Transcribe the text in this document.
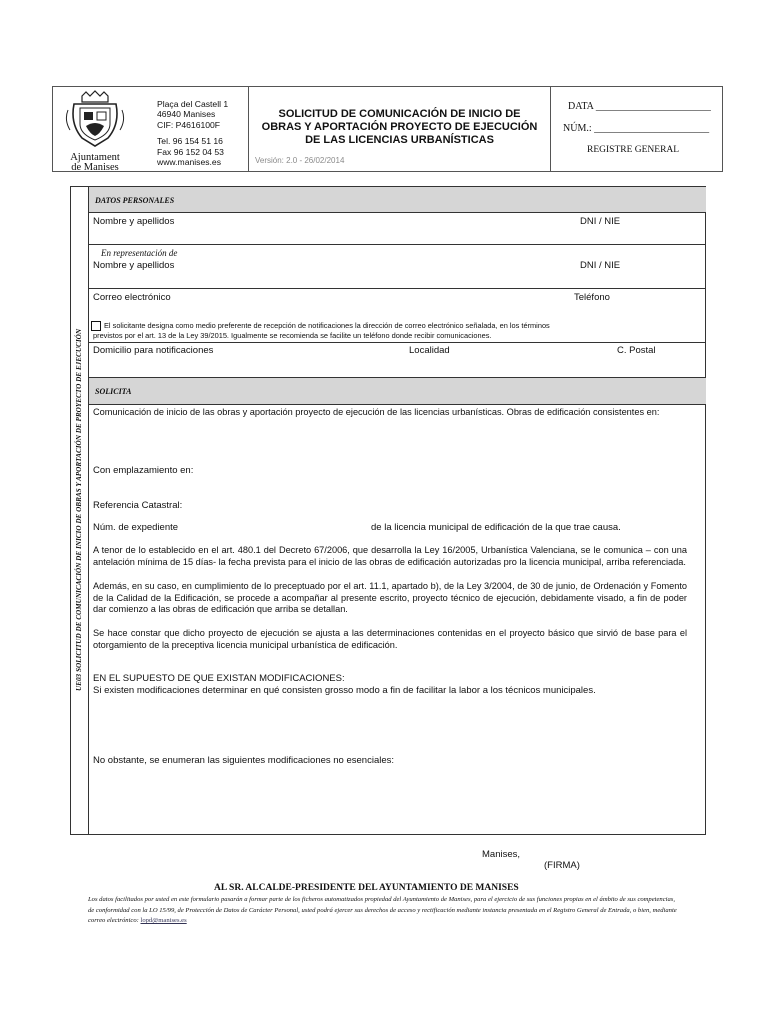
Ajuntament
de Manises
Plaça del Castell 1
46940 Manises
CIF: P4616100F
Tel. 96 154 51 16
Fax 96 152 04 53
www.manises.es
SOLICITUD DE COMUNICACIÓN DE INICIO DE
OBRAS Y APORTACIÓN PROYECTO DE EJECUCIÓN
DE LAS LICENCIAS URBANÍSTICAS
Versión: 2.0 - 26/02/2014
DATA _______________________
NÚM.: _______________________
REGISTRE GENERAL
UE03 SOLICITUD DE COMUNICACIÓN DE INICIO DE OBRAS Y APORTACIÓN DE PROYECTO DE EJECUCIÓN
DATOS PERSONALES
Nombre y apellidos	DNI / NIE
En representación de
Nombre y apellidos	DNI / NIE
Correo electrónico	Teléfono
El solicitante designa como medio preferente de recepción de notificaciones la dirección de correo electrónico señalada, en los términos
previstos por el art. 13 de la Ley 39/2015. Igualmente se recomienda se facilite un teléfono donde recibir comunicaciones.
Domicilio para notificaciones	Localidad	C. Postal
SOLICITA
Comunicación de inicio de las obras y aportación proyecto de ejecución de las licencias urbanísticas. Obras de edificación consistentes en:
Con emplazamiento en:
Referencia Catastral:
Núm. de expediente	de la licencia municipal de edificación de la que trae causa.
A tenor de lo establecido en el art. 480.1 del Decreto 67/2006, que desarrolla la Ley 16/2005, Urbanística Valenciana, se le comunica – con una antelación mínima de 15 días- la fecha prevista para el inicio de las obras de edificación autorizadas pro la licencia municipal, arriba referenciada.
Además, en su caso, en cumplimiento de lo preceptuado por el art. 11.1, apartado b), de la Ley 3/2004, de 30 de junio, de Ordenación y Fomento de la Calidad de la Edificación, se procede a acompañar al presente escrito, proyecto técnico de ejecución, debidamente visado, a fin de poder dar comienzo a las obras de edificación que arriba se detallan.
Se hace constar que dicho proyecto de ejecución se ajusta a las determinaciones contenidas en el proyecto básico que sirvió de base para el otorgamiento de la preceptiva licencia municipal urbanística de edificación.
EN EL SUPUESTO DE QUE EXISTAN MODIFICACIONES:
Si existen modificaciones determinar en qué consisten grosso modo a fin de facilitar la labor a los técnicos municipales.
No obstante, se enumeran las siguientes modificaciones no esenciales:
Manises,
(FIRMA)
AL SR. ALCALDE-PRESIDENTE DEL AYUNTAMIENTO DE MANISES
Los datos facilitados por usted en este formulario pasarán a formar parte de los ficheros automatizados propiedad del Ayuntamiento de Manises, para el ejercicio de sus funciones propias en el ámbito de sus competencias, de conformidad con la LO 15/99, de Protección de Datos de Carácter Personal, usted podrá ejercer sus derechos de acceso y rectificación mediante instancia presentada en el Registro General de Entrada, o bien, mediante correo electrónico: lopd@manises.es
